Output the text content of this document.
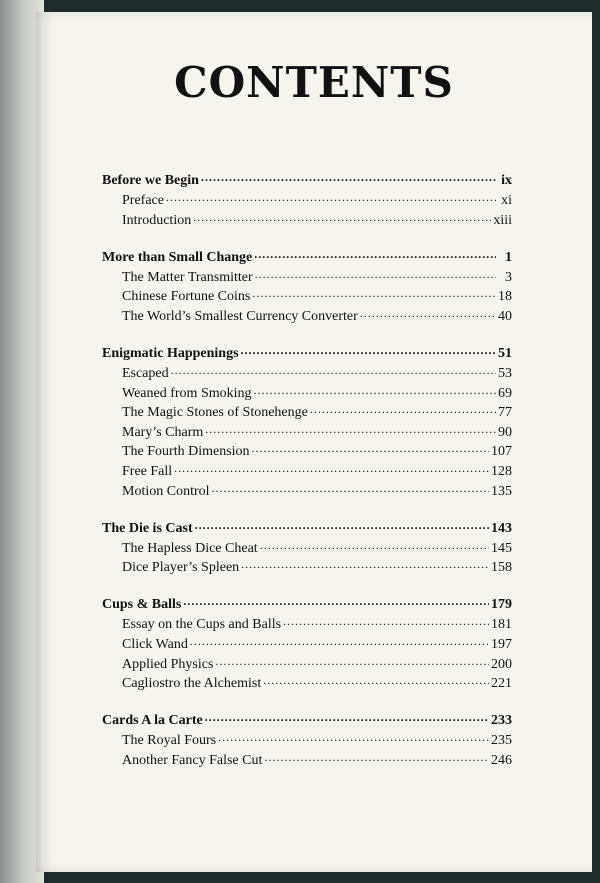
CONTENTS
Before we Begin . . .	ix
Preface . . .	xi
Introduction . . .	xiii
More than Small Change . . .	1
The Matter Transmitter . . .	3
Chinese Fortune Coins . . .	18
The World’s Smallest Currency Converter . . .	40
Enigmatic Happenings . . .	51
Escaped . . .	53
Weaned from Smoking . . .	69
The Magic Stones of Stonehenge . . .	77
Mary’s Charm . . .	90
The Fourth Dimension . . .	107
Free Fall . . .	128
Motion Control . . .	135
The Die is Cast . . .	143
The Hapless Dice Cheat . . .	145
Dice Player’s Spleen . . .	158
Cups & Balls . . .	179
Essay on the Cups and Balls . . .	181
Click Wand . . .	197
Applied Physics . . .	200
Cagliostro the Alchemist . . .	221
Cards A la Carte . . .	233
The Royal Fours . . .	235
Another Fancy False Cut . . .	246
